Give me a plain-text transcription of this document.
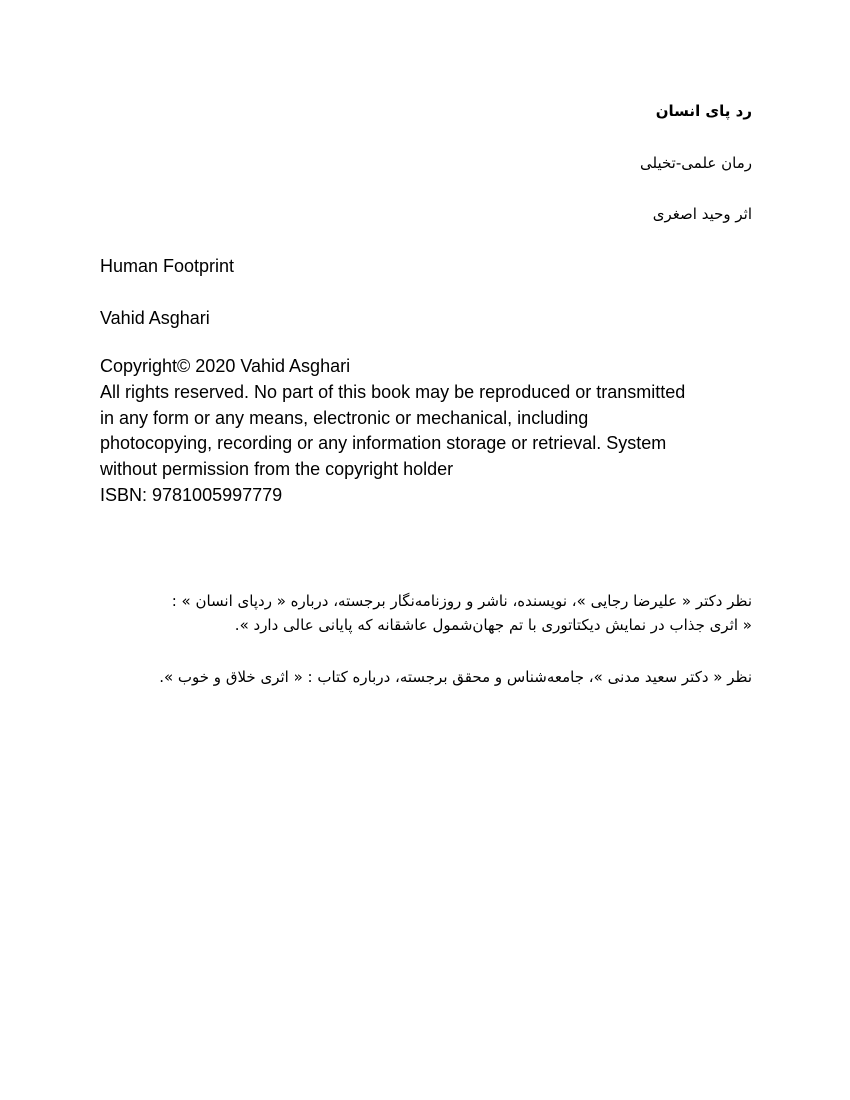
رد پای انسان
رمان علمی-تخیلی
اثر وحید اصغری
Human Footprint
Vahid Asghari
Copyright© 2020 Vahid Asghari
All rights reserved. No part of this book may be reproduced or transmitted
in any form or any means, electronic or mechanical, including
photocopying, recording or any information storage or retrieval. System
without permission from the copyright holder
ISBN: 9781005997779
نظر دکتر « علیرضا رجایی »، نویسنده، ناشر و روزنامه‌نگار برجسته، درباره « ردپای انسان » :
« اثری جذاب در نمایش دیکتاتوری با تم جهان‌شمول عاشقانه که پایانی عالی دارد ».
نظر « دکتر سعید مدنی »، جامعه‌شناس و محقق برجسته، درباره کتاب : « اثری خلاق و خوب ».
